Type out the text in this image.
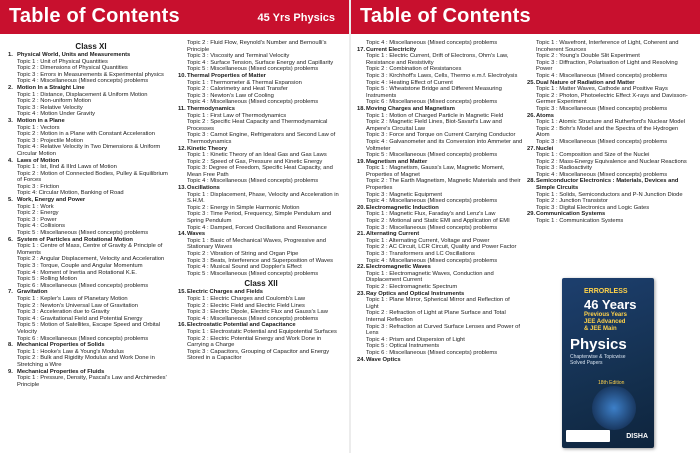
Table of Contents	45 Yrs Physics
Class XI
1. Physical World, Units and Measurements
Topic 1 : Unit of Physical Quantities
Topic 2 : Dimensions of Physical Quantities
Topic 3 : Errors in Measurements & Experimental physics
Topic 4 : Miscellaneous (Mixed concepts) problems
2. Motion In a Straight Line
Topic 1 : Distance, Displacement & Uniform Motion
Topic 2 : Non-uniform Motion
Topic 3 : Relative Velocity
Topic 4 : Motion Under Gravity
3. Motion in a Plane
Topic 1 : Vectors
Topic 2 : Motion in a Plane with Constant Acceleration
Topic 3 : Projectile Motion
Topic 4 : Relative Velocity in Two Dimensions & Uniform Circular Motion
4. Laws of Motion
Topic 1 : Ist, IInd & IIIrd Laws of Motion
Topic 2 : Motion of Connected Bodies, Pulley & Equilibrium of Forces
Topic 3 : Friction
Topic 4: Circular Motion, Banking of Road
5. Work, Energy and Power
Topic 1 : Work
Topic 2 : Energy
Topic 3 : Power
Topic 4 : Collisions
Topic 5 : Miscellaneous (Mixed concepts) problems
6. System of Particles and Rotational Motion
Topic 1 : Centre of Mass, Centre of Gravity & Principle of Moments
Topic 2 : Angular Displacement, Velocity and Acceleration
Topic 3 : Torque, Couple and Angular Momentum
Topic 4 : Moment of Inertia and Rotational K.E.
Topic 5 : Rolling Motion
Topic 6 : Miscellaneous (Mixed concepts) problems
7. Gravitation
Topic 1 : Kepler's Laws of Planetary Motion
Topic 2 : Newton's Universal Law of Gravitation
Topic 3 : Acceleration due to Gravity
Topic 4 : Gravitational Field and Potential Energy
Topic 5 : Motion of Satellites, Escape Speed and Orbital Velocity
Topic 6 : Miscellaneous (Mixed concepts) problems
8. Mechanical Properties of Solids
Topic 1 : Hooke's Law & Young's Modulus
Topic 2 : Bulk and Rigidity Modulus and Work Done in Stretching a Wire
9. Mechanical Properties of Fluids
Topic 1 : Pressure, Density, Pascal's Law and Archimedes' Principle
Topic 2 : Fluid Flow, Reynold's Number and Bernoulli's Principle
Topic 3 : Viscosity and Terminal Velocity
Topic 4 : Surface Tension, Surface Energy and Capillarity
Topic 5 : Miscellaneous (Mixed concepts) problems
10. Thermal Properties of Matter
Topic 1 : Thermometer & Thermal Expansion
Topic 2 : Calorimetry and Heat Transfer
Topic 3 : Newton's Law of Cooling
Topic 4 : Miscellaneous (Mixed concepts) problems
11. Thermodynamics
Topic 1 : First Law of Thermodynamics
Topic 2 : Specific Heat Capacity and Thermodynamical Processes
Topic 3 : Carnot Engine, Refrigerators and Second Law of Thermodynamics
12. Kinetic Theory
Topic 1 : Kinetic Theory of an Ideal Gas and Gas Laws
Topic 2 : Speed of Gas, Pressure and Kinetic Energy
Topic 3: Degree of Freedom, Specific Heat Capacity, and Mean Free Path
Topic 4 : Miscellaneous (Mixed concepts) problems
13. Oscillations
Topic 1 : Displacement, Phase, Velocity and Acceleration in S.H.M.
Topic 2 : Energy in Simple Harmonic Motion
Topic 3 : Time Period, Frequency, Simple Pendulum and Spring Pendulum
Topic 4 : Damped, Forced Oscillations and Resonance
14. Waves
Topic 1 : Basic of Mechanical Waves, Progressive and Stationary Waves
Topic 2 : Vibration of String and Organ Pipe
Topic 3 : Beats, Interference and Superposition of Waves
Topic 4 : Musical Sound and Doppler's Effect
Topic 5 : Miscellaneous (Mixed concepts) problems
Class XII
15. Electric Charges and Fields
Topic 1 : Electric Charges and Coulomb's Law
Topic 2 : Electric Field and Electric Field Lines
Topic 3 : Electric Dipole, Electric Flux and Gauss's Law
Topic 4 : Miscellaneous (Mixed concepts) problems
16. Electrostatic Potential and Capacitance
Topic 1 : Electrostatic Potential and Equipotential Surfaces
Topic 2 : Electric Potential Energy and Work Done in Carrying a Charge
Topic 3 : Capacitors, Grouping of Capacitor and Energy Stored in a Capacitor
Table of Contents
Topic 4 : Miscellaneous (Mixed concepts) problems
17. Current Electricity
Topic 1 : Electric Current, Drift of Electrons, Ohm's Law, Resistance and Resistivity
Topic 2 : Combination of Resistances
Topic 3 : Kirchhoff's Laws, Cells, Thermo e.m.f. Electrolysis
Topic 4 : Heating Effect of Current
Topic 5 : Wheatstone Bridge and Different Measuring Instruments
Topic 6 : Miscellaneous (Mixed concepts) problems
18. Moving Charges and Magnetism
Topic 1 : Motion of Charged Particle in Magnetic Field
Topic 2 : Magnetic Field Lines, Biot-Savart's Law and Ampere's Circuital Law
Topic 3 : Force and Torque on Current Carrying Conductor
Topic 4 : Galvanometer and its Conversion into Ammeter and Voltmeter
Topic 5 : Miscellaneous (Mixed concepts) problems
19. Magnetism and Matter
Topic 1 : Magnetism, Gauss's Law, Magnetic Moment, Properties of Magnet
Topic 2 : The Earth Magnetism, Magnetic Materials and their Properties
Topic 3 : Magnetic Equipment
Topic 4 : Miscellaneous (Mixed concepts) problems
20. Electromagnetic Induction
Topic 1 : Magnetic Flux, Faraday's and Lenz's Law
Topic 2 : Motional and Static EMI and Application of EMI
Topic 3 : Miscellaneous (Mixed concepts) problems
21. Alternating Current
Topic 1 : Alternating Current, Voltage and Power
Topic 2 : AC Circuit, LCR Circuit, Quality and Power Factor
Topic 3 : Transformers and LC Oscillations
Topic 4 : Miscellaneous (Mixed concepts) problems
22. Electromagnetic Waves
Topic 1 : Electromagnetic Waves, Conduction and Displacement Current
Topic 2 : Electromagnetic Spectrum
23. Ray Optics and Optical Instruments
Topic 1 : Plane Mirror, Spherical Mirror and Reflection of Light
Topic 2 : Refraction of Light at Plane Surface and Total Internal Reflection
Topic 3 : Refraction at Curved Surface Lenses and Power of Lens
Topic 4 : Prism and Dispersion of Light
Topic 5 : Optical Instruments
Topic 6 : Miscellaneous (Mixed concepts) problems
24. Wave Optics
Topic 1 : Wavefront, Interference of Light, Coherent and Incoherent Sources
Topic 2 : Young's Double Slit Experiment
Topic 3 : Diffraction, Polarisation of Light and Resolving Power
Topic 4 : Miscellaneous (Mixed concepts) problems
25. Dual Nature of Radiation and Matter
Topic 1 : Matter Waves, Cathode and Positive Rays
Topic 2 : Photon, Photoelectric Effect X-rays and Davisson-Germer Experiment
Topic 3 : Miscellaneous (Mixed concepts) problems
26. Atoms
Topic 1 : Atomic Structure and Rutherford's Nuclear Model
Topic 2 : Bohr's Model and the Spectra of the Hydrogen Atom
Topic 3 : Miscellaneous (Mixed concepts) problems
27. Nuclei
Topic 1 : Composition and Size of the Nuclei
Topic 2 : Mass-Energy Equivalence and Nuclear Reactions
Topic 3 : Radioactivity
Topic 4 : Miscellaneous (Mixed concepts) problems
28. Semiconductor Electronics : Materials, Devices and Simple Circuits
Topic 1 : Solids, Semiconductors and P-N Junction Diode
Topic 2 : Junction Transistor
Topic 3 : Digital Electronics and Logic Gates
29. Communication Systems
Topic 1 : Communication Systems
ERRORLESS
46 Years
Previous Years
JEE Advanced
& JEE Main
Physics
Chapterwise & Topicwise
Solved Papers
18th Edition
DISHA
